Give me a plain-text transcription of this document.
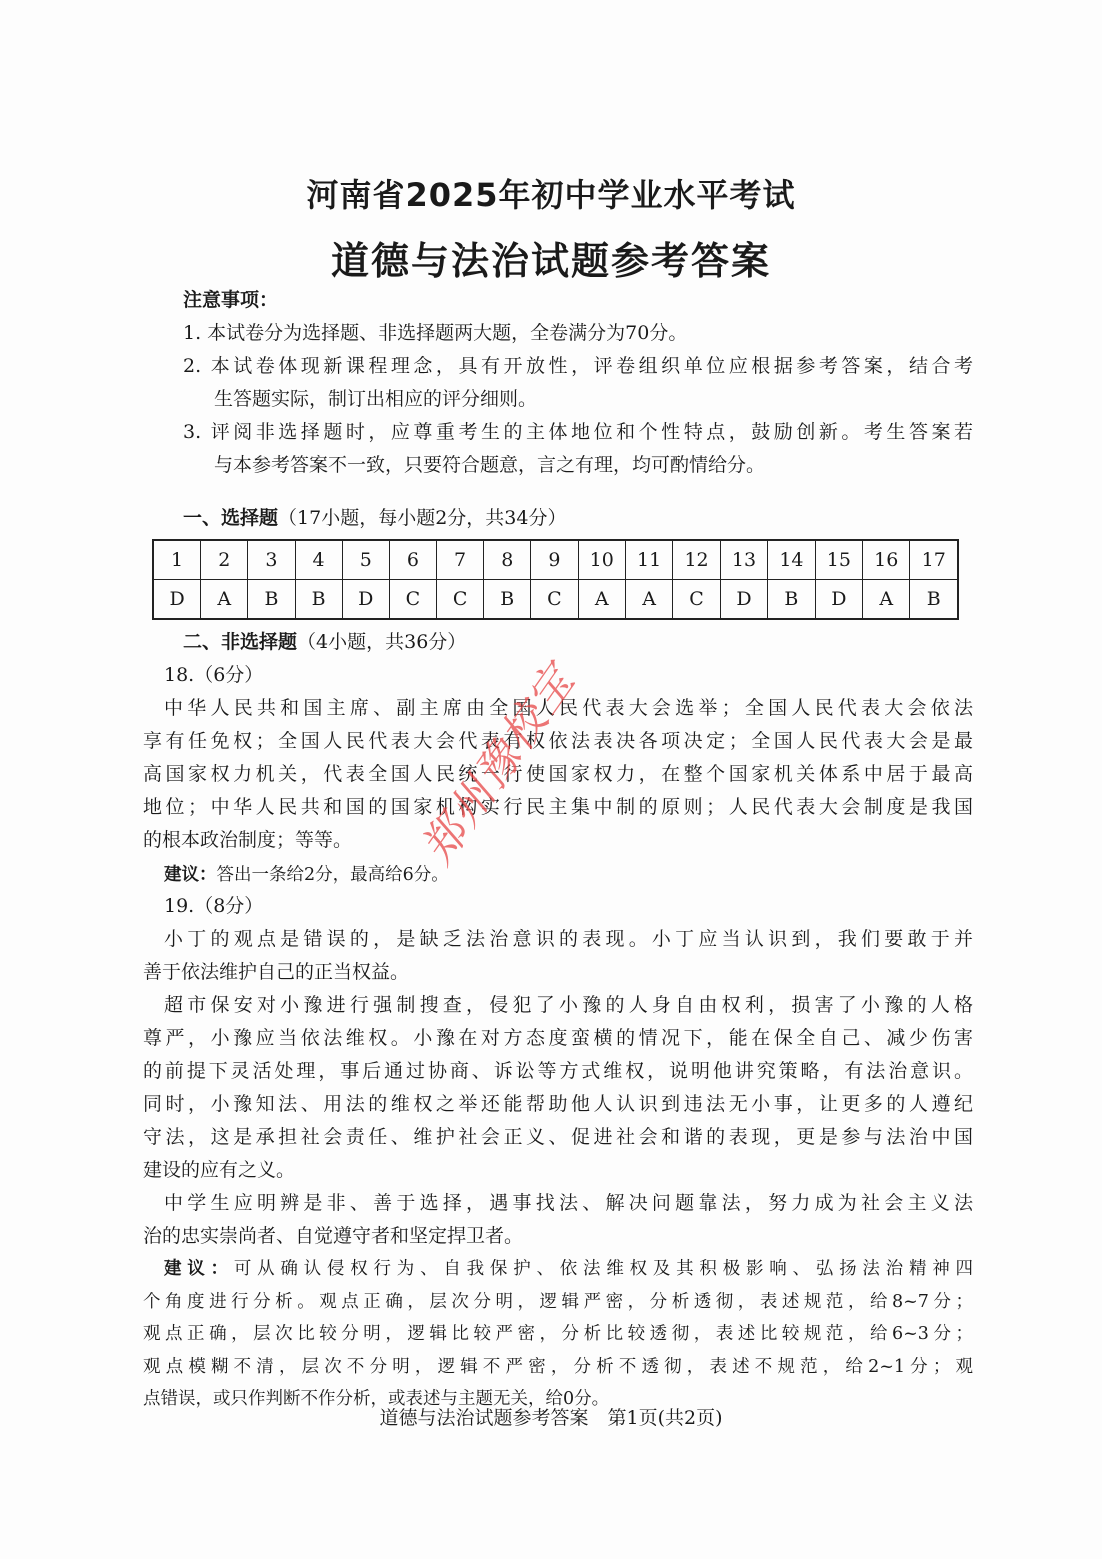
河南省2025年初中学业水平考试
道德与法治试题参考答案
注意事项：
1. 本试卷分为选择题、非选择题两大题，全卷满分为70分。
2. 本试卷体现新课程理念，具有开放性，评卷组织单位应根据参考答案，结合考
生答题实际，制订出相应的评分细则。
3. 评阅非选择题时，应尊重考生的主体地位和个性特点，鼓励创新。考生答案若
与本参考答案不一致，只要符合题意，言之有理，均可酌情给分。
一、选择题（17小题，每小题2分，共34分）
1	2	3	4	5	6	7	8	9	10	11	12	13	14	15	16	17
D	A	B	B	D	C	C	B	C	A	A	C	D	B	D	A	B
二、非选择题（4小题，共36分）
18.（6分）
中华人民共和国主席、副主席由全国人民代表大会选举；全国人民代表大会依法
享有任免权；全国人民代表大会代表有权依法表决各项决定；全国人民代表大会是最
高国家权力机关，代表全国人民统一行使国家权力，在整个国家机关体系中居于最高
地位；中华人民共和国的国家机构实行民主集中制的原则；人民代表大会制度是我国
的根本政治制度；等等。
建议：答出一条给2分，最高给6分。
19.（8分）
小丁的观点是错误的，是缺乏法治意识的表现。小丁应当认识到，我们要敢于并
善于依法维护自己的正当权益。
超市保安对小豫进行强制搜查，侵犯了小豫的人身自由权利，损害了小豫的人格
尊严，小豫应当依法维权。小豫在对方态度蛮横的情况下，能在保全自己、减少伤害
的前提下灵活处理，事后通过协商、诉讼等方式维权，说明他讲究策略，有法治意识。
同时，小豫知法、用法的维权之举还能帮助他人认识到违法无小事，让更多的人遵纪
守法，这是承担社会责任、维护社会正义、促进社会和谐的表现，更是参与法治中国
建设的应有之义。
中学生应明辨是非、善于选择，遇事找法、解决问题靠法，努力成为社会主义法
治的忠实崇尚者、自觉遵守者和坚定捍卫者。
建议：可从确认侵权行为、自我保护、依法维权及其积极影响、弘扬法治精神四
个角度进行分析。观点正确，层次分明，逻辑严密，分析透彻，表述规范，给8~7分；
观点正确，层次比较分明，逻辑比较严密，分析比较透彻，表述比较规范，给6~3分；
观点模糊不清，层次不分明，逻辑不严密，分析不透彻，表述不规范，给2~1分；观
点错误，或只作判断不作分析，或表述与主题无关，给0分。
道德与法治试题参考答案　第1页(共2页)
郑州豫校宝
